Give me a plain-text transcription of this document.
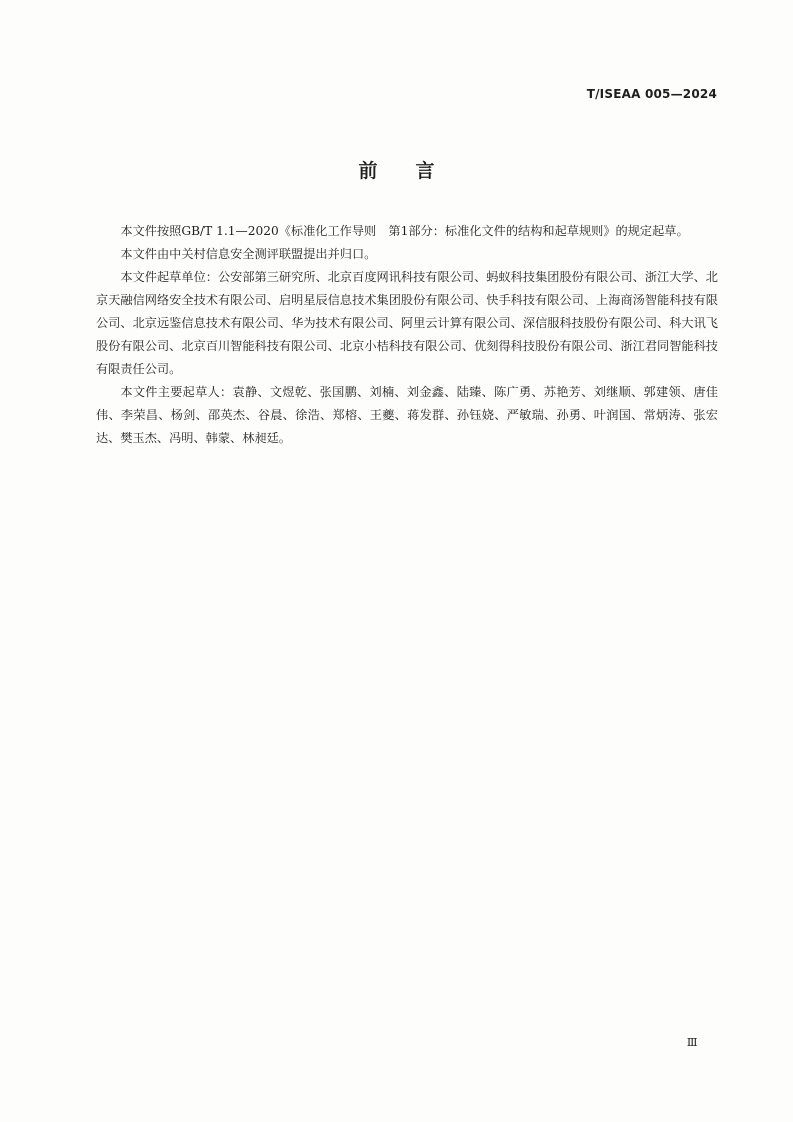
T/ISEAA 005—2024
前言

本文件按照GB/T 1.1—2020《标准化工作导则　第1部分：标准化文件的结构和起草规则》的规定起草。

本文件由中关村信息安全测评联盟提出并归口。

本文件起草单位：公安部第三研究所、北京百度网讯科技有限公司、蚂蚁科技集团股份有限公司、浙江大学、北京天融信网络安全技术有限公司、启明星辰信息技术集团股份有限公司、快手科技有限公司、上海商汤智能科技有限公司、北京远鉴信息技术有限公司、华为技术有限公司、阿里云计算有限公司、深信服科技股份有限公司、科大讯飞股份有限公司、北京百川智能科技有限公司、北京小桔科技有限公司、优刻得科技股份有限公司、浙江君同智能科技有限责任公司。

本文件主要起草人：袁静、文煜乾、张国鹏、刘楠、刘金鑫、陆臻、陈广勇、苏艳芳、刘继顺、郭建领、唐佳伟、李荣昌、杨剑、邵英杰、谷晨、徐浩、郑榕、王夔、蒋发群、孙钰娆、严敏瑞、孙勇、叶润国、常炳涛、张宏达、樊玉杰、冯明、韩蒙、林昶廷。

Ⅲ
